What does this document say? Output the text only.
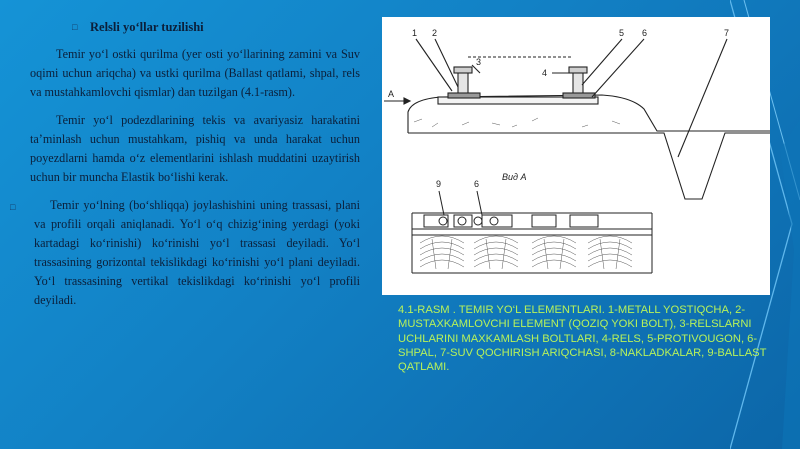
□ Relsli yo‘llar tuzilishi

Temir yo‘l ostki qurilma (yer osti yo‘llarining zamini va Suv oqimi uchun ariqcha) va ustki qurilma (Ballast qatlami, shpal, rels va mustahkamlovchi qismlar) dan tuzilgan (4.1-rasm).

Temir yo‘l podezdlarining tekis va avariyasiz harakatini ta’minlash uchun mustahkam, pishiq va unda harakat uchun poyezdlarni hamda o‘z elementlarini ishlash muddatini uzaytirish uchun bir muncha Elastik bo‘lishi kerak.

□	Temir yo‘lning (bo‘shliqqa) joylashishini uning trassasi, plani va profili orqali aniqlanadi. Yo‘l o‘q chizig‘ining yerdagi (yoki kartadagi ko‘rinishi) ko‘rinishi yo‘l trassasi deyiladi. Yo‘l trassasining gorizontal tekislikdagi ko‘rinishi yo‘l plani deyiladi. Yo‘l trassasining vertikal tekislikdagi ko‘rinishi yo‘l profili deyiladi.

1 2
3
5 6	7
4
A
Вид А
9	6
4.1-RASM . TEMIR YO‘L ELEMENTLARI. 1-METALL YOSTIQCHA, 2-MUSTAXKAMLOVCHI ELEMENT (QOZIQ YOKI BOLT), 3-RELSLARNI UCHLARINI MAXKAMLASH BOLTLARI, 4-RELS, 5-PROTIVOUGON, 6-SHPAL, 7-SUV QOCHIRISH ARIQCHASI, 8-NAKLADKALAR, 9-BALLAST QATLAMI.
